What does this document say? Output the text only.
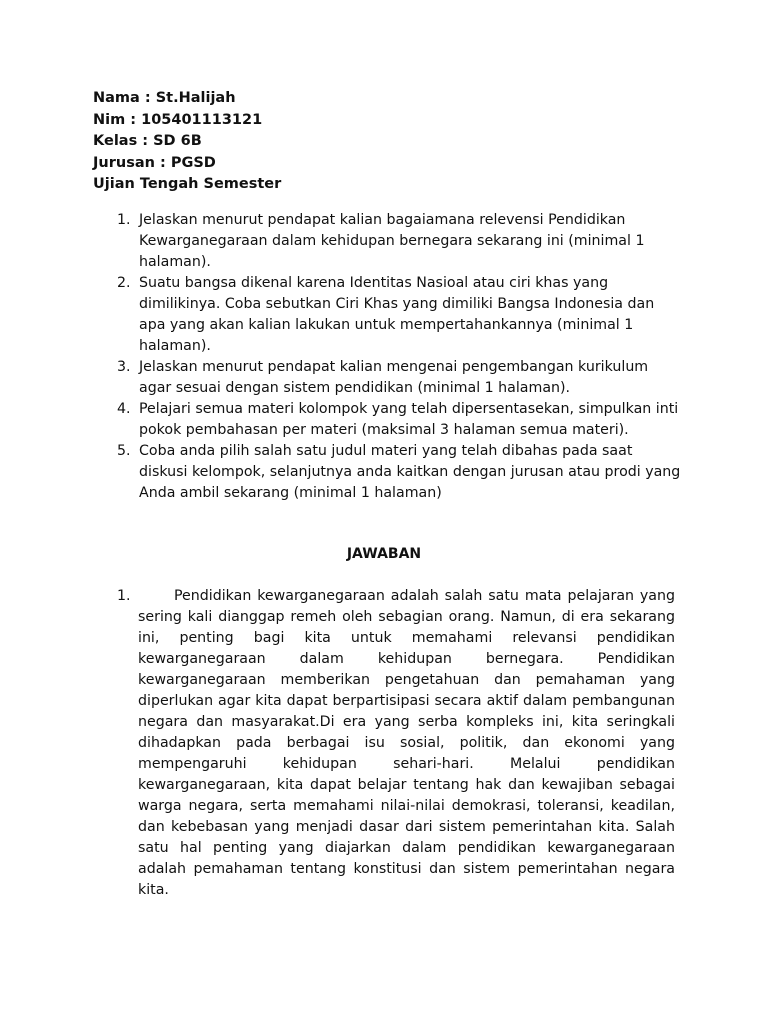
Nama : St.Halijah
Nim : 105401113121
Kelas : SD 6B
Jurusan : PGSD
Ujian Tengah Semester
1. Jelaskan menurut pendapat kalian bagaiamana relevensi Pendidikan Kewarganegaraan dalam kehidupan bernegara sekarang ini (minimal 1 halaman).
2. Suatu bangsa dikenal karena Identitas Nasioal atau ciri khas yang dimilikinya. Coba sebutkan Ciri Khas yang dimiliki Bangsa Indonesia dan apa yang akan kalian lakukan untuk mempertahankannya (minimal 1 halaman).
3. Jelaskan menurut pendapat kalian mengenai pengembangan kurikulum agar sesuai dengan sistem pendidikan (minimal 1 halaman).
4. Pelajari semua materi kolompok yang telah dipersentasekan, simpulkan inti pokok pembahasan per materi (maksimal 3 halaman semua materi).
5. Coba anda pilih salah satu judul materi yang telah dibahas pada saat diskusi kelompok, selanjutnya anda kaitkan dengan jurusan atau prodi yang Anda ambil sekarang (minimal 1 halaman)
JAWABAN
1.	Pendidikan kewarganegaraan adalah salah satu mata pelajaran yang sering kali dianggap remeh oleh sebagian orang. Namun, di era sekarang ini, penting bagi kita untuk memahami relevansi pendidikan kewarganegaraan dalam kehidupan bernegara. Pendidikan kewarganegaraan memberikan pengetahuan dan pemahaman yang diperlukan agar kita dapat berpartisipasi secara aktif dalam pembangunan negara dan masyarakat.Di era yang serba kompleks ini, kita seringkali dihadapkan pada berbagai isu sosial, politik, dan ekonomi yang mempengaruhi kehidupan sehari-hari. Melalui pendidikan kewarganegaraan, kita dapat belajar tentang hak dan kewajiban sebagai warga negara, serta memahami nilai-nilai demokrasi, toleransi, keadilan, dan kebebasan yang menjadi dasar dari sistem pemerintahan kita. Salah satu hal penting yang diajarkan dalam pendidikan kewarganegaraan adalah pemahaman tentang konstitusi dan sistem pemerintahan negara kita.
